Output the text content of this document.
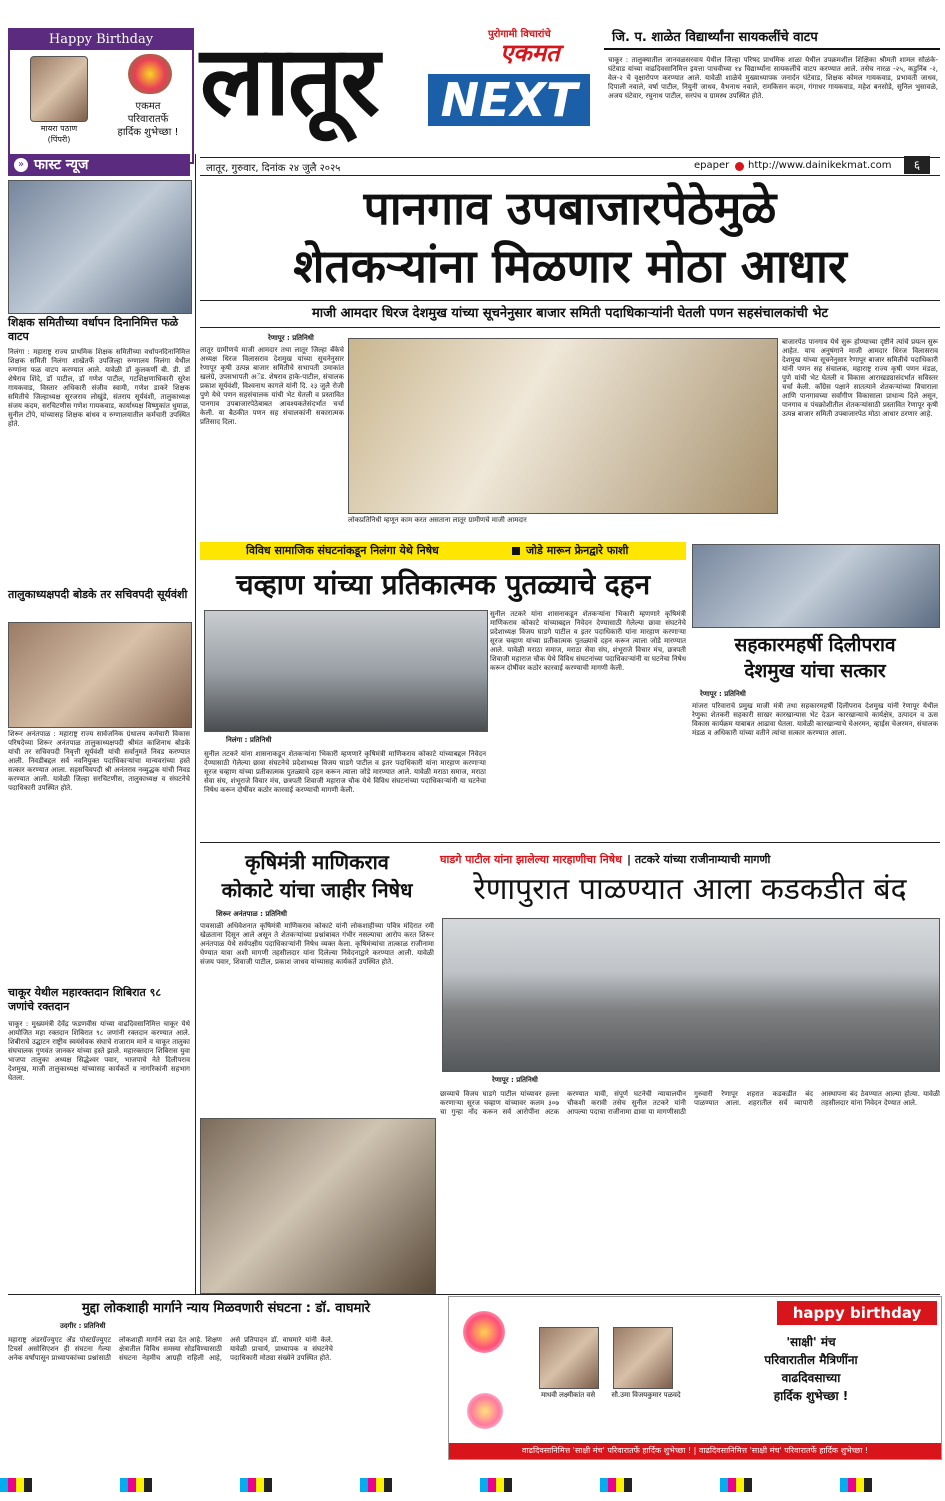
Happy Birthday
मायरा पठाण
(पिंपरी)
एकमत
परिवारातर्फे
हार्दिक शुभेच्छा ! लातूर	पुरोगामी विचारांचे
एकमत
NEXT
जि. प. शाळेत विद्यार्थ्यांना सायकलींचे वाटप
चाकूर : तालुक्यातील जानवळसरवाय येथील जिल्हा परिषद प्राथमिक शाळा येथील उपक्रमशील शिक्षिका श्रीमती शामल सोळंके-घंटेवाड यांच्या वाढदिवसानिमित्त इयत्ता पाचवीच्या १४ विद्यार्थ्यांना सायकलींचे वाटप करण्यात आले. तसेच नारळ -२५, कडुनिंब -२, वेल-२ चे वृक्षारोपण करण्यात आले. यावेळी शाळेचे मुख्याध्यापक जनार्दन घंटेवाड, शिक्षक कोमल गायकवाड, प्रभावती जाधव, दिपाली नवाले, वर्षा पाटील, नियुनी जाधव, वैभनाथ नवाले, रामकिसन कदम, गंगाधर गायकवाड, महेश बनसोडे, सुनिल भुसावळे, अजय घंटेवार, रघुनाथ पाटील, सरपंच व ग्रामस्थ उपस्थित होते.
लातूर, गुरुवार, दिनांक २४ जुलै २०२५	epaper http://www.dainikekmat.com	६
» फास्ट न्यूज
शिक्षक समितीच्या वर्धापन दिनानिमित्त फळे वाटप
निलंगा : महाराष्ट्र राज्य प्राथमिक शिक्षक समितीच्या वर्धापनदिनानिमित्त शिक्षक समिती निलंगा शाखेतर्फे उपजिल्हा रुग्णालय निलंगा येथील रुग्णांना फळ वाटप करण्यात आले. यावेळी डॉ कुलकर्णी बी. डी. डॉ शेषेराव शिंदे, डॉ पाटील, डॉ गणेश पाटील, गटशिक्षणाधिकारी सुरेश गायकवाड, विस्तार अधिकारी संजीव स्वामी, गणेश डाकरे शिक्षक समितीचे जिल्हाध्यक्ष सूरजराव लोखुंडे, संतराय सूर्यवंशी, तालुकाध्यक्ष संजय कदम, सरचिटणीस गणेश गायकवाड, कार्याध्यक्ष विष्णुकांत धुमाळ, सुनील टोंपे, यांच्यासह शिक्षक बांधव व रुग्णालयातील कर्मचारी उपस्थित होते.
तालुकाध्यक्षपदी बोडके तर सचिवपदी सूर्यवंशी
शिरूर अनंतपाळ : महाराष्ट्र राज्य सार्वजनिक ग्रंथालय कर्मचारी विकास परिषदेच्या शिरूर अनंतपाळ तालुकाध्यक्षपदी श्रीमंत काशिनाथ बोडके यांची तर सचिवपदी निवृत्ती सूर्यवंशी यांची सर्वानुमते निवड करण्यात आली. निवडीबद्दल सर्व नवनियुक्त पदाधिकाऱ्यांचा मान्यवरांच्या हस्ते सत्कार करण्यात आला. सहसचिवपदी श्री अनंतराव नव्युद्धक यांची निवड करण्यात आली. यावेळी जिल्हा सरचिटणीस, तालुकाध्यक्ष व संघटनेचे पदाधिकारी उपस्थित होते.
चाकूर येथील महारक्तदान शिबिरात ९८ जणांचे रक्तदान
चाकूर : मुख्यमंत्री देवेंद्र फडणवीस यांच्या वाढदिवसानिमित्त चाकूर येथे आयोजित महा रक्तदान शिबिरात ९८ जणांनी रक्तदान करण्यात आले. शिबीराचे उद्घाटन राष्ट्रीय स्वयंसेवक संघाचे राजाराम माने व चाकूर तालुका संघचालक गुणवंत जानकर यांच्या हस्ते झाले. महारक्तदान शिबिरास युवा भाजपा तालुका अध्यक्ष सिद्धेश्वर पवार, भाजपाचे नेते दिलीपराव देशमुख, माजी तालुकाध्यक्ष यांच्यासह कार्यकर्ते व नागरिकांनी सहभाग घेतला.
पानगाव उपबाजारपेठेमुळे
शेतकऱ्यांना मिळणार मोठा आधार
माजी आमदार धिरज देशमुख यांच्या सूचनेनुसार बाजार समिती पदाधिकाऱ्यांनी घेतली पणन सहसंचालकांची भेट
रेणापूर : प्रतिनिधी
लातूर ग्रामीणचे माजी आमदार तथा लातूर जिल्हा बँकेचे अध्यक्ष धिरज विलासराव देशमुख यांच्या सूचनेनुसार रेणापूर कृषी उत्पन्न बाजार समितीचे सभापती उमाकांत खलंग्रे, उपसभापती अॅड. शेषराव हाके-पाटील, संचालक प्रकाश सूर्यवंशी, विश्वनाथ कागले यांनी दि. २३ जुलै रोजी पुणे येथे पणन सहसंचालक यांची भेट घेतली व प्रस्तावित पानगाव उपबाजारपेठेबाबत आवश्यकतेसंदर्भात चर्चा केली. या बैठकीत पणन सह संचालकांनी सकारात्मक प्रतिसाद दिला.
लोकप्रतिनिधी म्हणून काम करत असताना लातूर ग्रामीणचे माजी आमदार
बाजारपेठ पानगाव येथे सुरू होण्याच्या दृष्टीने त्यांचे प्रयत्न सुरू आहेत. याच अनुषंगाने माजी आमदार धिरज विलासराव देशमुख यांच्या सूचनेनुसार रेणापूर बाजार समितीचे पदाधिकारी यांनी पणन सह संचालक, महाराष्ट्र राज्य कृषी पणन मंडळ, पुणे यांची भेट घेतली व विकास आराखड्यासंदर्भात सविस्तर चर्चा केली. काँग्रेस पक्षाने सातत्याने शेतकऱ्यांच्या विचाराला आणि पानगावच्या सर्वांगीण विकासाला प्राधान्य दिले असून, पानगाव व पंचक्रोशीतील शेतकऱ्यांसाठी प्रस्तावित रेणापूर कृषी उत्पन्न बाजार समिती उपबाजारपेठ मोठा आधार ठरणार आहे.
विविध सामाजिक संघटनांकडून निलंगा येथे निषेध	जोडे मारून फ्रेनद्वारे फाशी
चव्हाण यांच्या प्रतिकात्मक पुतळ्याचे दहन
निलंगा : प्रतिनिधी
सुनील तटकरे यांना शासनाकडून शेतकऱ्यांना भिकारी म्हणणारे कृषिमंत्री माणिकराव कोकाटे यांच्याबद्दल निवेदन देण्यासाठी गेलेल्या छावा संघटनेचे प्रदेशाध्यक्ष विजय घाडगे पाटील व इतर पदाधिकारी यांना मारहाण करणाऱ्या सूरज चव्हाण यांच्या प्रतीकात्मक पुतळ्याचे दहन करून त्याला जोडे मारण्यात आले. यावेळी मराठा समाज, मराठा सेवा संघ, शंभूराजे विचार मंच, छत्रपती शिवाजी महाराज चौक येथे विविध संघटनांच्या पदाधिकाऱ्यांनी या घटनेचा निषेध करून दोषींवर कठोर कारवाई करण्याची मागणी केली.
सुनील तटकरे यांना शासनाकडून शेतकऱ्यांना भिकारी म्हणणारे कृषिमंत्री माणिकराव कोकाटे यांच्याबद्दल निवेदन देण्यासाठी गेलेल्या छावा संघटनेचे प्रदेशाध्यक्ष विजय घाडगे पाटील व इतर पदाधिकारी यांना मारहाण करणाऱ्या सूरज चव्हाण यांच्या प्रतीकात्मक पुतळ्याचे दहन करून त्याला जोडे मारण्यात आले. यावेळी मराठा समाज, मराठा सेवा संघ, शंभूराजे विचार मंच, छत्रपती शिवाजी महाराज चौक येथे विविध संघटनांच्या पदाधिकाऱ्यांनी या घटनेचा निषेध करून दोषींवर कठोर कारवाई करण्याची मागणी केली.
सहकारमहर्षी दिलीपराव
देशमुख यांचा सत्कार
रेणापूर : प्रतिनिधी
मांजरा परिवाराचे प्रमुख माजी मंत्री तथा सहकारमहर्षी दिलीपराव देशमुख यांनी रेणापूर येथील रेणुका शेतकरी सहकारी साखर कारखान्यास भेट देऊन कारखान्याचे कार्यक्षेत्र, उत्पादन व ऊस विकास कार्यक्रम याबाबत आढावा घेतला. यावेळी कारखान्याचे चेअरमन, व्हाईस चेअरमन, संचालक मंडळ व अधिकारी यांच्या वतीने त्यांचा सत्कार करण्यात आला.
कृषिमंत्री माणिकराव
कोकाटे यांचा जाहीर निषेध
शिरूर अनंतपाळ : प्रतिनिधी
पावसाळी अधिवेशनात कृषिमंत्री माणिकराव कोकाटे यांनी लोकशाहीच्या पवित्र मंदिरात रमी खेळताना दिसून आले असून ते शेतकऱ्यांच्या प्रश्नांबाबत गंभीर नसल्याचा आरोप करत शिरूर अनंतपाळ येथे सर्वपक्षीय पदाधिकाऱ्यांनी निषेध व्यक्त केला. कृषिमंत्र्यांचा तात्काळ राजीनामा घेण्यात यावा अशी मागणी तहसीलदार यांना दिलेल्या निवेदनाद्वारे करण्यात आली. यावेळी संजय पवार, शिवाजी पाटील, प्रकाश जाधव यांच्यासह कार्यकर्ते उपस्थित होते.
घाडगे पाटील यांना झालेल्या मारहाणीचा निषेध | तटकरे यांच्या राजीनाम्याची मागणी
रेणापुरात पाळण्यात आला कडकडीत बंद
रेणापूर : प्रतिनिधी
छाव्याचे विजय घाडगे पाटील यांच्यावर हल्ला करणाऱ्या सूरज चव्हाण यांच्यावर कलम ३०७ चा गुन्हा नोंद करून सर्व आरोपींना अटक करण्यात यावी, संपूर्ण घटनेची न्यायालयीन चौकशी करावी तसेच सुनील तटकरे यांनी आपल्या पदाचा राजीनामा द्यावा या मागणीसाठी गुरुवारी रेणापूर शहरात कडकडीत बंद पाळण्यात आला. शहरातील सर्व व्यापारी आस्थापना बंद ठेवण्यात आल्या होत्या. यावेळी तहसीलदार यांना निवेदन देण्यात आले.
मुद्दा लोकशाही मार्गाने न्याय मिळवणारी संघटना : डॉ. वाघमारे
उदगीर : प्रतिनिधी
महाराष्ट्र अंडरग्रॅज्युएट अँड पोस्टग्रॅज्युएट टिचर्स असोसिएशन ही संघटना गेल्या अनेक वर्षांपासून प्राध्यापकांच्या प्रश्नांसाठी लोकशाही मार्गाने लढा देत आहे. शिक्षण क्षेत्रातील विविध समस्या सोडविण्यासाठी संघटना नेहमीच आग्रही राहिली आहे, असे प्रतिपादन डॉ. वाघमारे यांनी केले. यावेळी प्राचार्य, प्राध्यापक व संघटनेचे पदाधिकारी मोठ्या संख्येने उपस्थित होते.
happy birthday
माधवी लक्ष्मीकांत वसे	सौ.उमा विजयकुमार पळवदे
'साक्षी' मंच
परिवारातील मैत्रिणींना
वाढदिवसाच्या
हार्दिक शुभेच्छा !
वाढदिवसानिमित्त 'साक्षी मंच' परिवारातर्फे हार्दिक शुभेच्छा ! | वाढदिवसानिमित्त 'साक्षी मंच' परिवारातर्फे हार्दिक शुभेच्छा !
